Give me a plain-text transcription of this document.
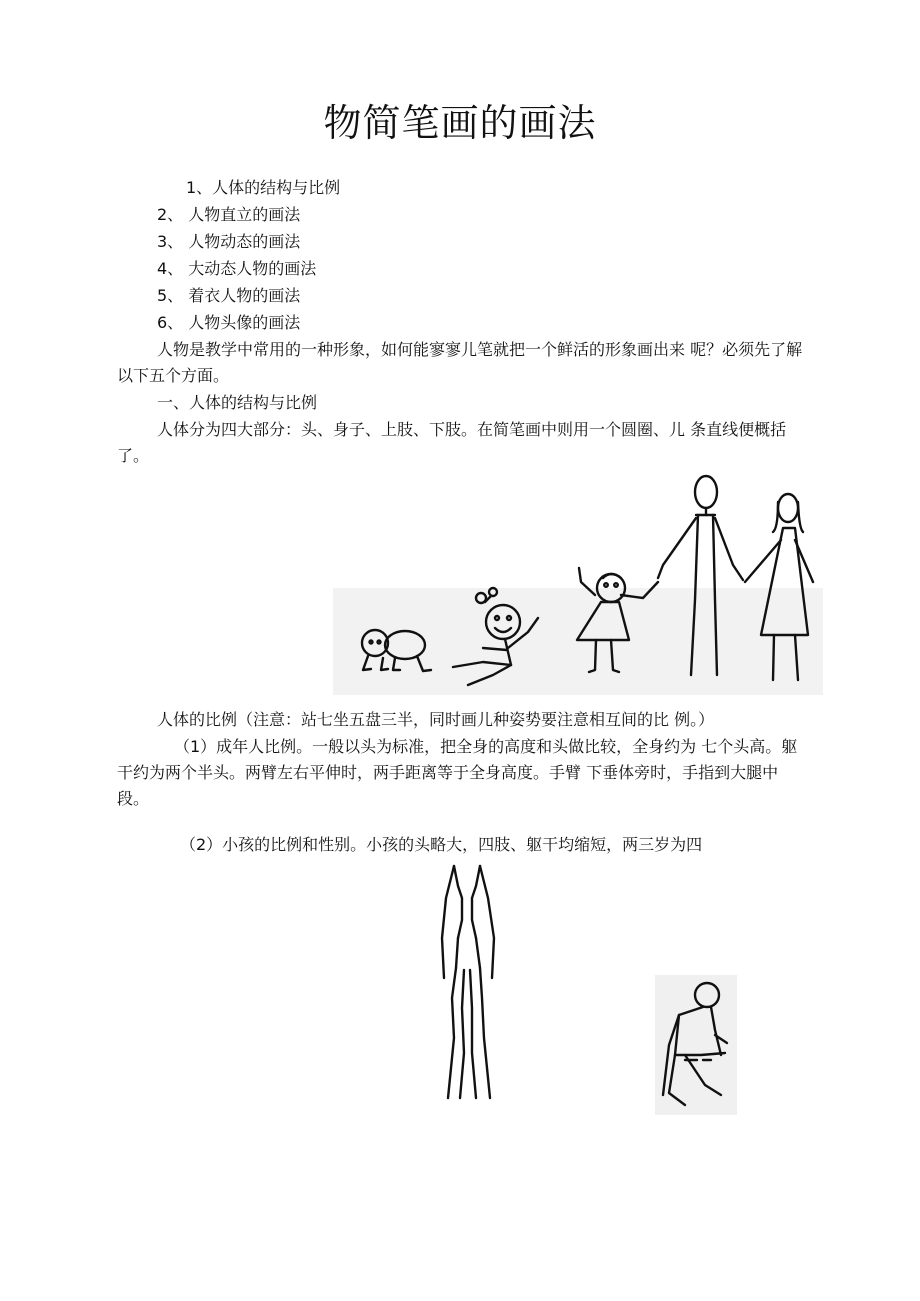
物简笔画的画法
1、人体的结构与比例
2、 人物直立的画法
3、 人物动态的画法
4、 大动态人物的画法
5、 着衣人物的画法
6、 人物头像的画法
人物是教学中常用的一种形象，如何能寥寥儿笔就把一个鲜活的形象画出来 呢？必须先了解以下五个方面。
一、人体的结构与比例
人体分为四大部分：头、身子、上肢、下肢。在简笔画中则用一个圆圈、儿 条直线便概括了。
人体的比例（注意：站七坐五盘三半，同时画儿种姿势要注意相互间的比 例。）
（1）成年人比例。一般以头为标准，把全身的高度和头做比较，全身约为 七个头高。躯干约为两个半头。两臂左右平伸时，两手距离等于全身高度。手臂 下垂体旁时，手指到大腿中段。
（2）小孩的比例和性别。小孩的头略大，四肢、躯干均缩短，两三岁为四
